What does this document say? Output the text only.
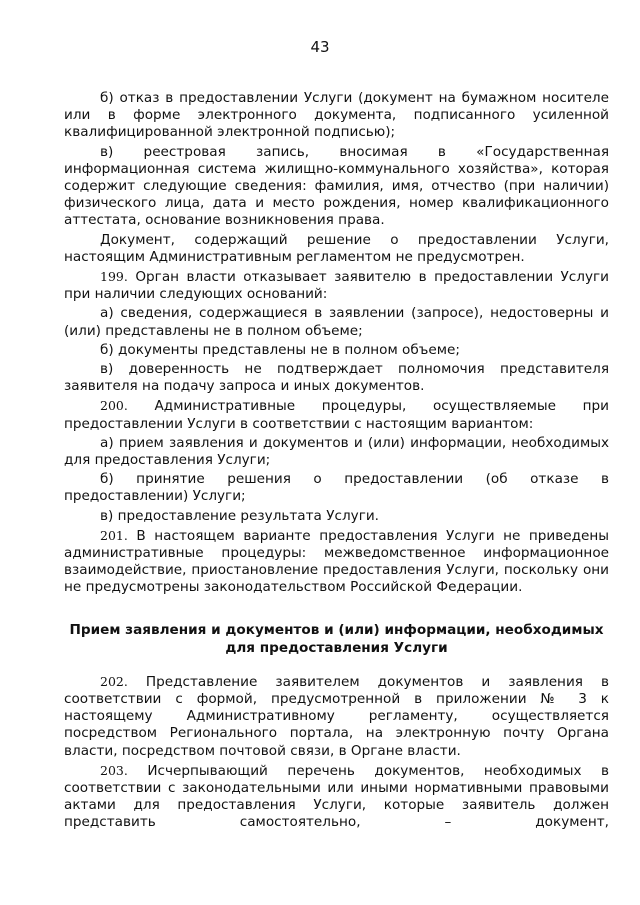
43

б) отказ в предоставлении Услуги (документ на бумажном носителе или в форме электронного документа, подписанного усиленной квалифицированной электронной подписью);

в) реестровая запись, вносимая в «Государственная информационная система жилищно-коммунального хозяйства», которая содержит следующие сведения: фамилия, имя, отчество (при наличии) физического лица, дата и место рождения, номер квалификационного аттестата, основание возникновения права.

Документ, содержащий решение о предоставлении Услуги, настоящим Административным регламентом не предусмотрен.

199. Орган власти отказывает заявителю в предоставлении Услуги при наличии следующих оснований:

а) сведения, содержащиеся в заявлении (запросе), недостоверны и (или) представлены не в полном объеме;

б) документы представлены не в полном объеме;

в) доверенность не подтверждает полномочия представителя заявителя на подачу запроса и иных документов.

200. Административные процедуры, осуществляемые при предоставлении Услуги в соответствии с настоящим вариантом:

а) прием заявления и документов и (или) информации, необходимых для предоставления Услуги;

б) принятие решения о предоставлении (об отказе в предоставлении) Услуги;

в) предоставление результата Услуги.

201. В настоящем варианте предоставления Услуги не приведены административные процедуры: межведомственное информационное взаимодействие, приостановление предоставления Услуги, поскольку они не предусмотрены законодательством Российской Федерации.

Прием заявления и документов и (или) информации, необходимых для предоставления Услуги

202. Представление заявителем документов и заявления в соответствии с формой, предусмотренной в приложении № 3 к настоящему Административному регламенту, осуществляется посредством Регионального портала, на электронную почту Органа власти, посредством почтовой связи, в Органе власти.

203. Исчерпывающий перечень документов, необходимых в соответствии с законодательными или иными нормативными правовыми актами для предоставления Услуги, которые заявитель должен представить самостоятельно, – документ,
